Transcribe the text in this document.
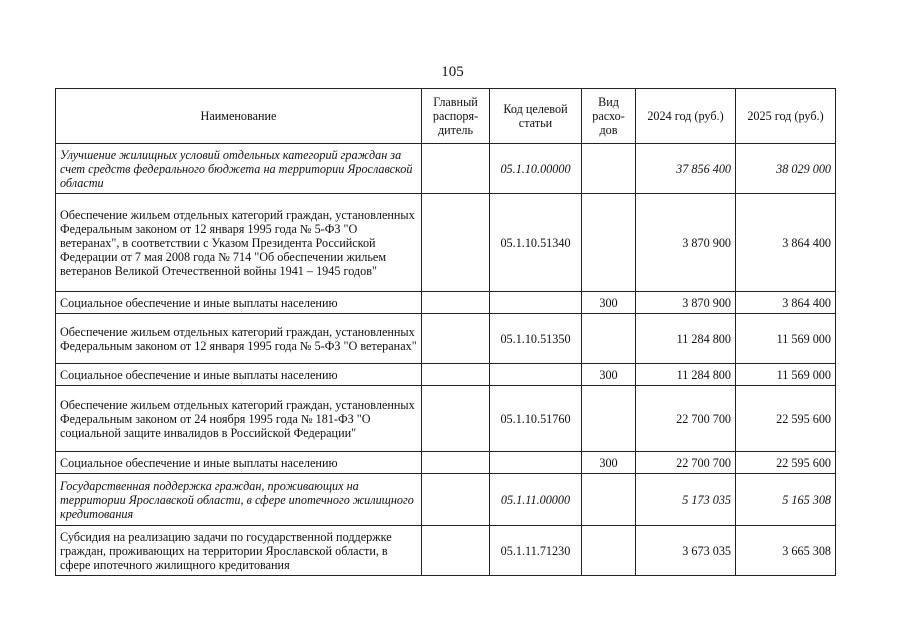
105
Наименование	Главный распоря-дитель	Код целевой статьи	Вид расхо-дов	2024 год (руб.)	2025 год (руб.)
Улучшение жилищных условий отдельных категорий граждан за счет средств федерального бюджета на территории Ярославской области		05.1.10.00000		37 856 400	38 029 000
Обеспечение жильем отдельных категорий граждан, установленных Федеральным законом от 12 января 1995 года № 5-ФЗ "О ветеранах", в соответствии с Указом Президента Российской Федерации от 7 мая 2008 года № 714 "Об обеспечении жильем ветеранов Великой Отечественной войны 1941 – 1945 годов"		05.1.10.51340		3 870 900	3 864 400
Социальное обеспечение и иные выплаты населению			300	3 870 900	3 864 400
Обеспечение жильем отдельных категорий граждан, установленных Федеральным законом от 12 января 1995 года № 5-ФЗ "О ветеранах"		05.1.10.51350		11 284 800	11 569 000
Социальное обеспечение и иные выплаты населению			300	11 284 800	11 569 000
Обеспечение жильем отдельных категорий граждан, установленных Федеральным законом от 24 ноября 1995 года № 181-ФЗ "О социальной защите инвалидов в Российской Федерации"		05.1.10.51760		22 700 700	22 595 600
Социальное обеспечение и иные выплаты населению			300	22 700 700	22 595 600
Государственная поддержка граждан, проживающих на территории Ярославской области, в сфере ипотечного жилищного кредитования		05.1.11.00000		5 173 035	5 165 308
Субсидия на реализацию задачи по государственной поддержке граждан, проживающих на территории Ярославской области, в сфере ипотечного жилищного кредитования		05.1.11.71230		3 673 035	3 665 308
